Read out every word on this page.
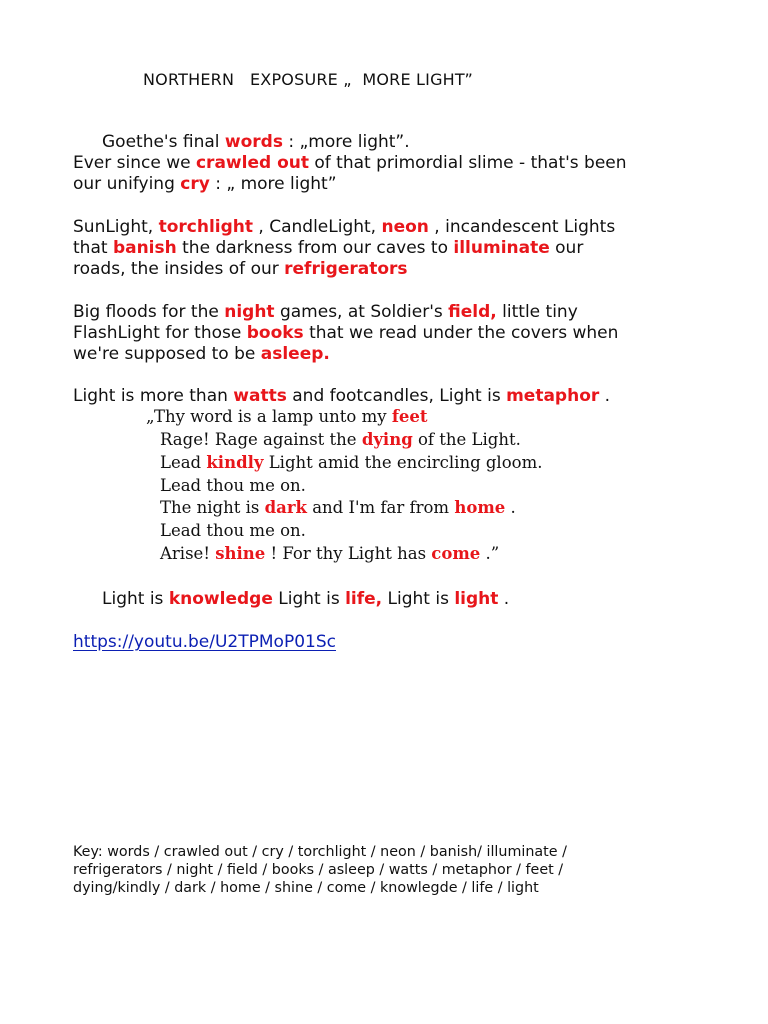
NORTHERN   EXPOSURE „  MORE LIGHT”
Goethe's final words : „more light”.
Ever since we crawled out of that primordial slime - that's been
our unifying cry : „ more light”
SunLight, torchlight , CandleLight, neon , incandescent Lights
that banish the darkness from our caves to illuminate our
roads, the insides of our refrigerators
Big floods for the night games, at Soldier's field, little tiny
FlashLight for those books that we read under the covers when
we're supposed to be asleep.
Light is more than watts and footcandles, Light is metaphor .
„Thy word is a lamp unto my feet
Rage! Rage against the dying of the Light.
Lead kindly Light amid the encircling gloom.
Lead thou me on.
The night is dark and I'm far from home .
Lead thou me on.
Arise! shine ! For thy Light has come .”
Light is knowledge Light is life, Light is light .
https://youtu.be/U2TPMoP01Sc
Key: words / crawled out / cry / torchlight / neon / banish/ illuminate /
refrigerators / night / field / books / asleep / watts / metaphor / feet /
dying/kindly / dark / home / shine / come / knowlegde / life / light
